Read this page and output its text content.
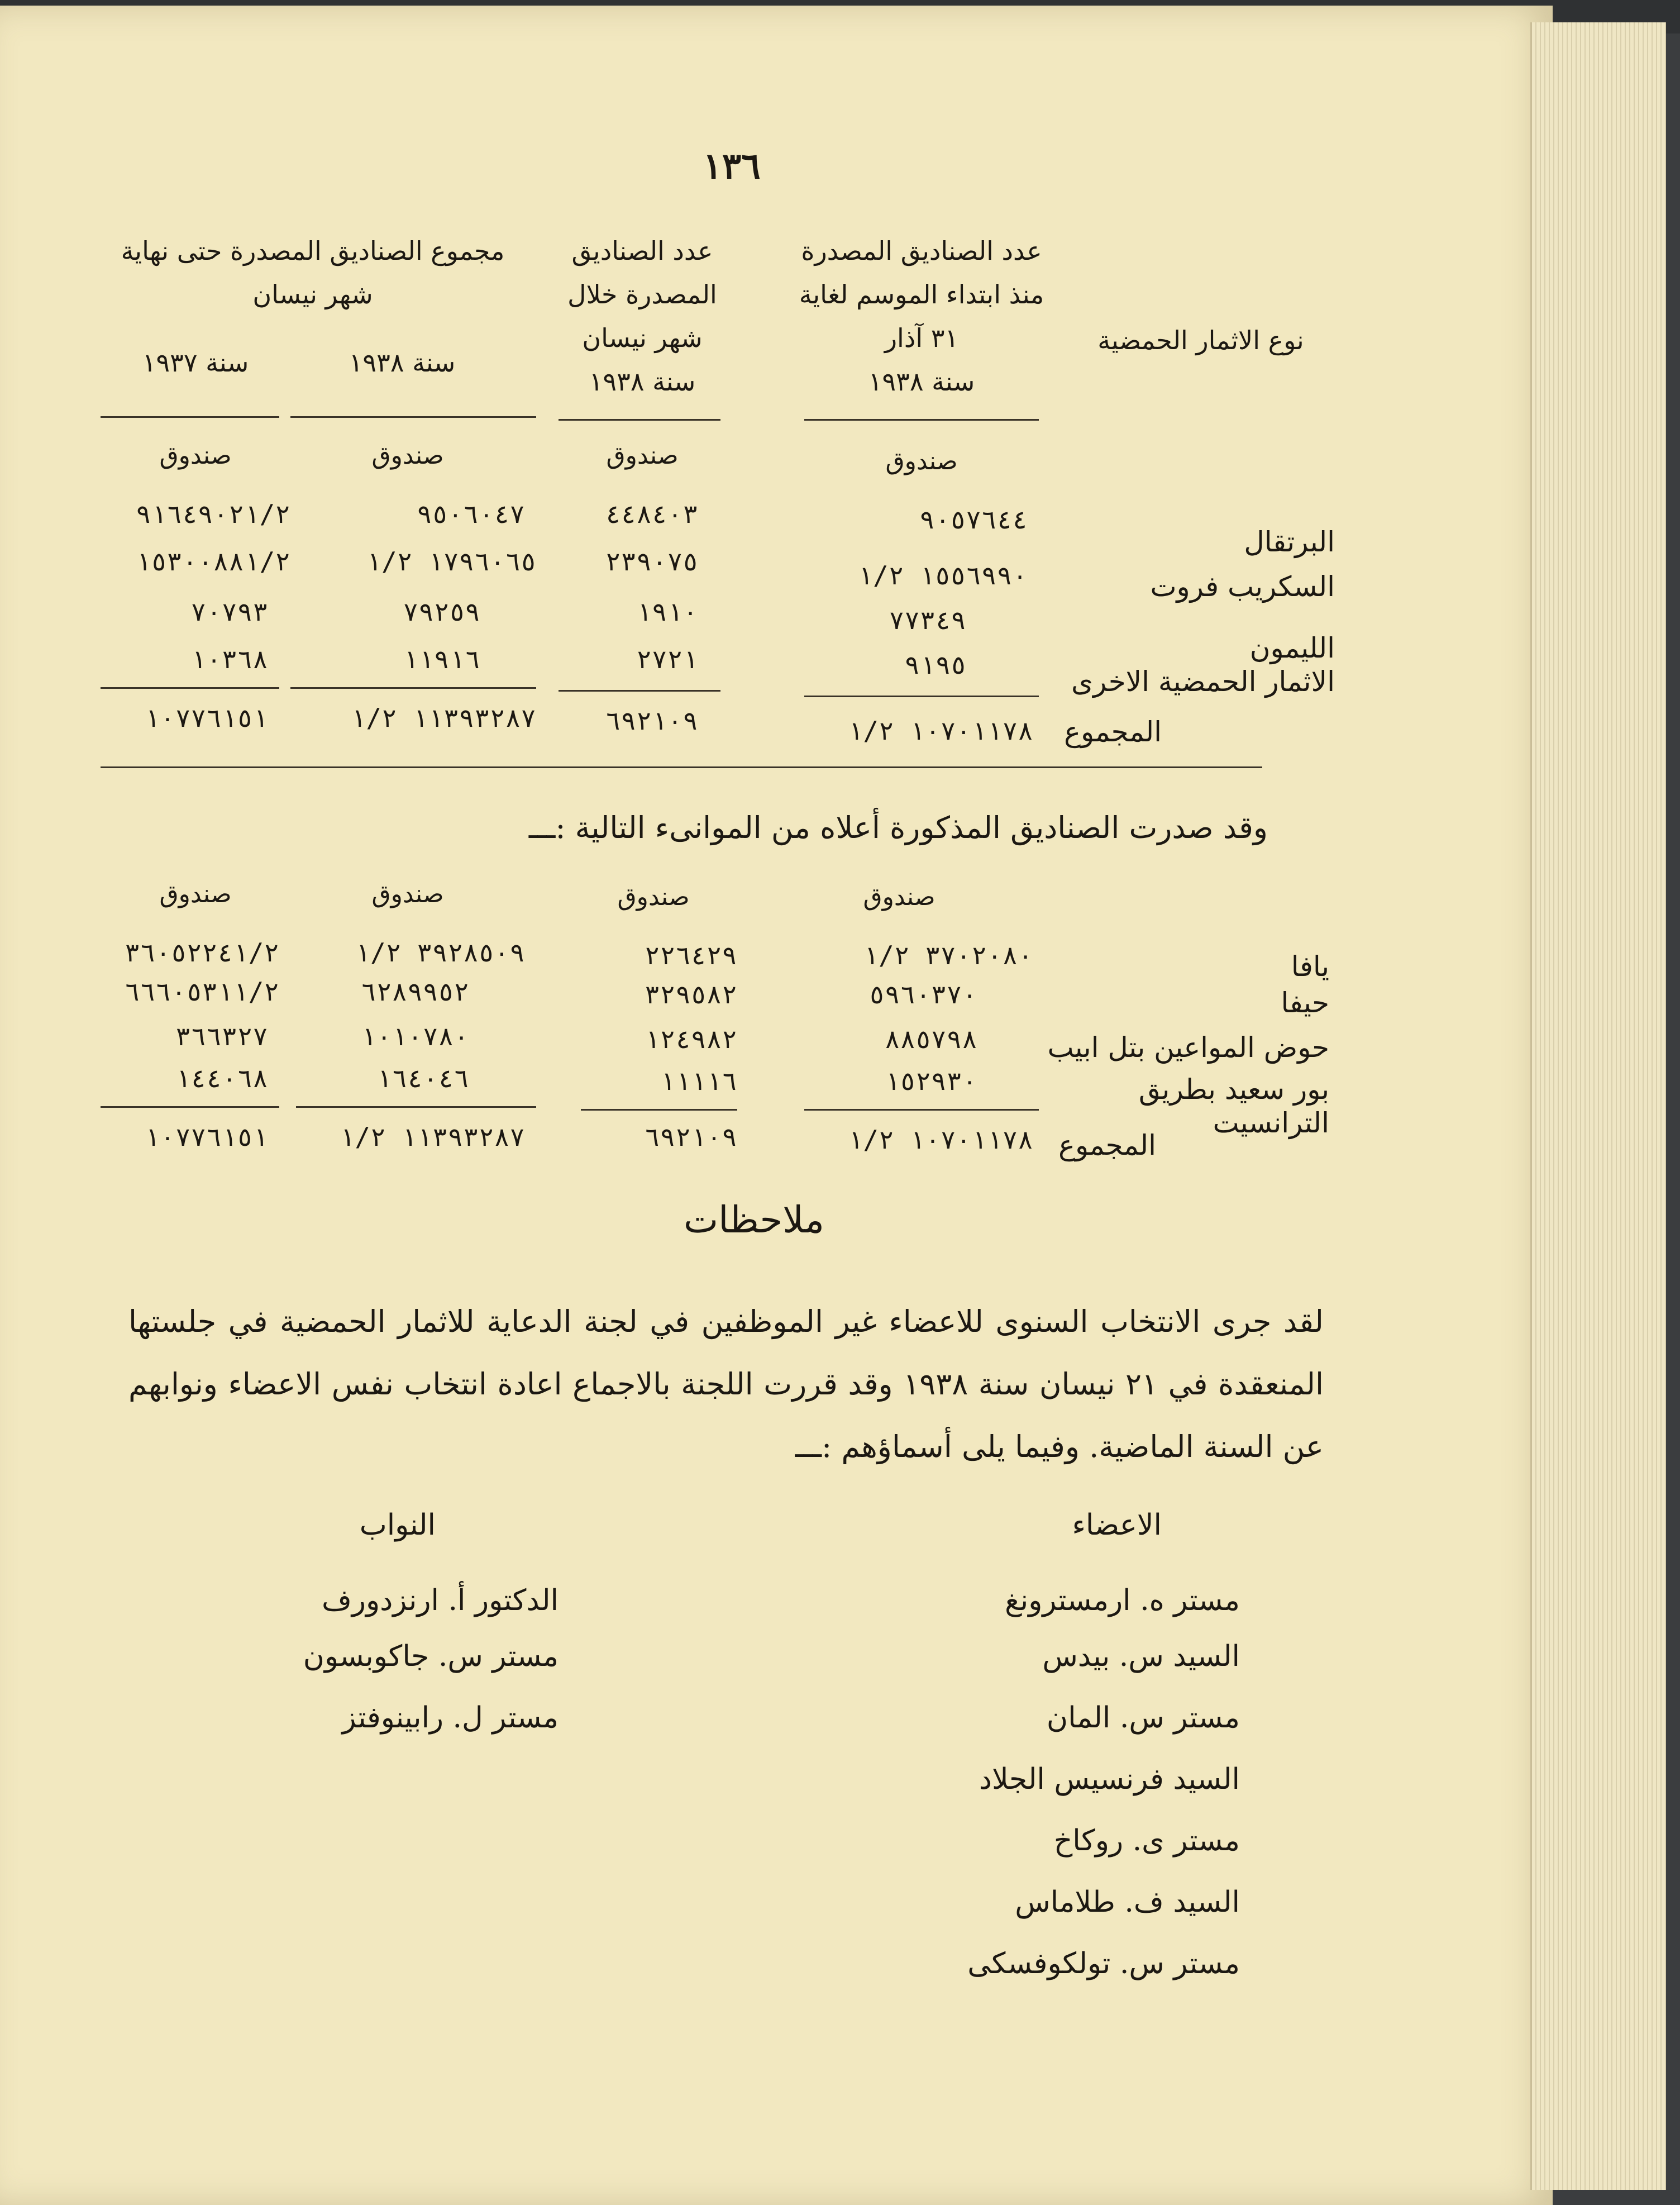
١٣٦
نوع الاثمار الحمضية
عدد الصناديق المصدرة
منذ ابتداء الموسم لغاية
٣١ آذار
سنة ١٩٣٨
عدد الصناديق
المصدرة خلال
شهر نيسان
سنة ١٩٣٨
مجموع الصناديق المصدرة حتى نهاية
شهر نيسان
سنة ١٩٣٨
سنة ١٩٣٧
صندوق
صندوق
صندوق
صندوق
البرتقال
السكريب فروت
الليمون
الاثمار الحمضية الاخرى
المجموع
٩٠٥٧٦٤٤
١٥٥٦٩٩٠ ١/٢
٧٧٣٤٩
٩١٩٥
١٠٧٠١١٧٨ ١/٢
٤٤٨٤٠٣
٢٣٩٠٧٥
١٩١٠
٢٧٢١
٦٩٢١٠٩
٩٥٠٦٠٤٧
١٧٩٦٠٦٥ ١/٢
٧٩٢٥٩
١١٩١٦
١١٣٩٣٢٨٧ ١/٢
٩١٦٤٩٠٢١/٢
١٥٣٠٠٨٨١/٢
٧٠٧٩٣
١٠٣٦٨
١٠٧٧٦١٥١
وقد صدرت الصناديق المذكورة أعلاه من الموانىء التالية :ـــ
صندوق
صندوق
صندوق
صندوق
يافا
حيفا
حوض المواعين بتل ابيب
بور سعيد بطريق الترانسيت
المجموع
٣٧٠٢٠٨٠ ١/٢
٥٩٦٠٣٧٠
٨٨٥٧٩٨
١٥٢٩٣٠
١٠٧٠١١٧٨ ١/٢
٢٢٦٤٢٩
٣٢٩٥٨٢
١٢٤٩٨٢
١١١١٦
٦٩٢١٠٩
٣٩٢٨٥٠٩ ١/٢
٦٢٨٩٩٥٢
١٠١٠٧٨٠
١٦٤٠٤٦
١١٣٩٣٢٨٧ ١/٢
٣٦٠٥٢٢٤١/٢
٦٦٦٠٥٣١١/٢
٣٦٦٣٢٧
١٤٤٠٦٨
١٠٧٧٦١٥١
ملاحظات
لقد جرى الانتخاب السنوى للاعضاء غير الموظفين في لجنة الدعاية للاثمار الحمضية في جلستها المنعقدة في ٢١ نيسان سنة ١٩٣٨ وقد قررت اللجنة بالاجماع اعادة انتخاب نفس الاعضاء ونوابهم عن السنة الماضية. وفيما يلى أسماؤهم :ـــ
الاعضاء
النواب
مستر ه. ارمسترونغ
السيد س. بيدس
مستر س. المان
السيد فرنسيس الجلاد
مستر ى. روكاخ
السيد ف. طلاماس
مستر س. تولكوفسكى
الدكتور أ. ارنزدورف
مستر س. جاكوبسون
مستر ل. رابينوفتز
